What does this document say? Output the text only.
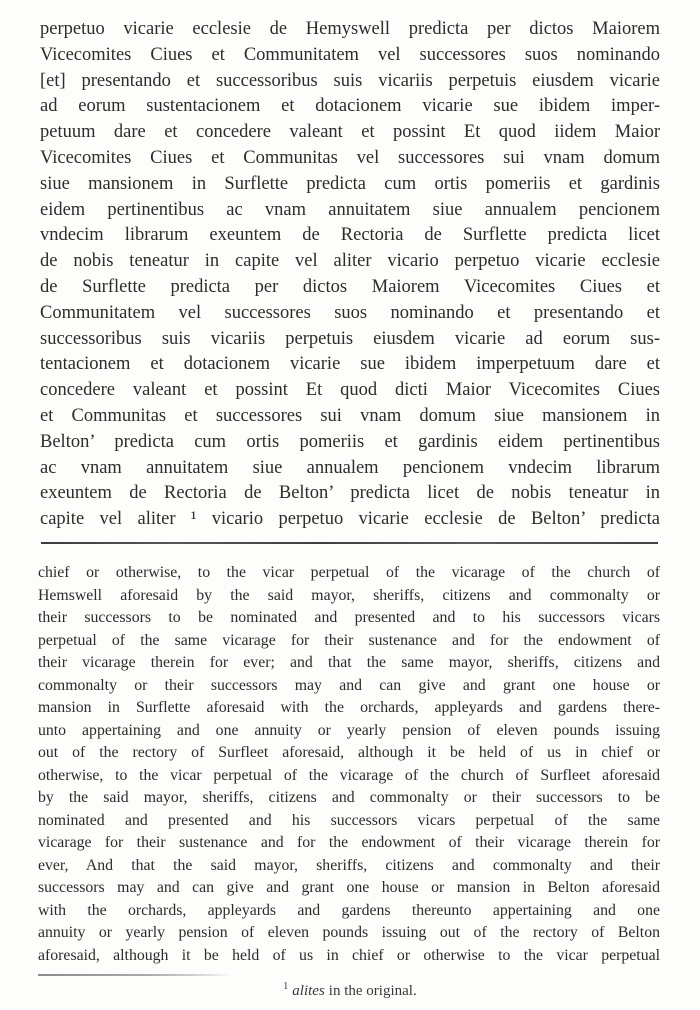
perpetuo vicarie ecclesie de Hemyswell predicta per dictos Maiorem
Vicecomites Ciues et Communitatem vel successores suos nominando
[et] presentando et successoribus suis vicariis perpetuis eiusdem vicarie
ad eorum sustentacionem et dotacionem vicarie sue ibidem imper-
petuum dare et concedere valeant et possint Et quod iidem Maior
Vicecomites Ciues et Communitas vel successores sui vnam domum
siue mansionem in Surflette predicta cum ortis pomeriis et gardinis
eidem pertinentibus ac vnam annuitatem siue annualem pencionem
vndecim librarum exeuntem de Rectoria de Surflette predicta licet
de nobis teneatur in capite vel aliter vicario perpetuo vicarie ecclesie
de Surflette predicta per dictos Maiorem Vicecomites Ciues et
Communitatem vel successores suos nominando et presentando et
successoribus suis vicariis perpetuis eiusdem vicarie ad eorum sus-
tentacionem et dotacionem vicarie sue ibidem imperpetuum dare et
concedere valeant et possint Et quod dicti Maior Vicecomites Ciues
et Communitas et successores sui vnam domum siue mansionem in
Belton’ predicta cum ortis pomeriis et gardinis eidem pertinentibus
ac vnam annuitatem siue annualem pencionem vndecim librarum
exeuntem de Rectoria de Belton’ predicta licet de nobis teneatur in
capite vel aliter ¹ vicario perpetuo vicarie ecclesie de Belton’ predicta
chief or otherwise, to the vicar perpetual of the vicarage of the church of
Hemswell aforesaid by the said mayor, sheriffs, citizens and commonalty or
their successors to be nominated and presented and to his successors vicars
perpetual of the same vicarage for their sustenance and for the endowment of
their vicarage therein for ever; and that the same mayor, sheriffs, citizens and
commonalty or their successors may and can give and grant one house or
mansion in Surflette aforesaid with the orchards, appleyards and gardens there-
unto appertaining and one annuity or yearly pension of eleven pounds issuing
out of the rectory of Surfleet aforesaid, although it be held of us in chief or
otherwise, to the vicar perpetual of the vicarage of the church of Surfleet aforesaid
by the said mayor, sheriffs, citizens and commonalty or their successors to be
nominated and presented and his successors vicars perpetual of the same
vicarage for their sustenance and for the endowment of their vicarage therein for
ever, And that the said mayor, sheriffs, citizens and commonalty and their
successors may and can give and grant one house or mansion in Belton aforesaid
with the orchards, appleyards and gardens thereunto appertaining and one
annuity or yearly pension of eleven pounds issuing out of the rectory of Belton
aforesaid, although it be held of us in chief or otherwise to the vicar perpetual

$^1$ alites in the original.
